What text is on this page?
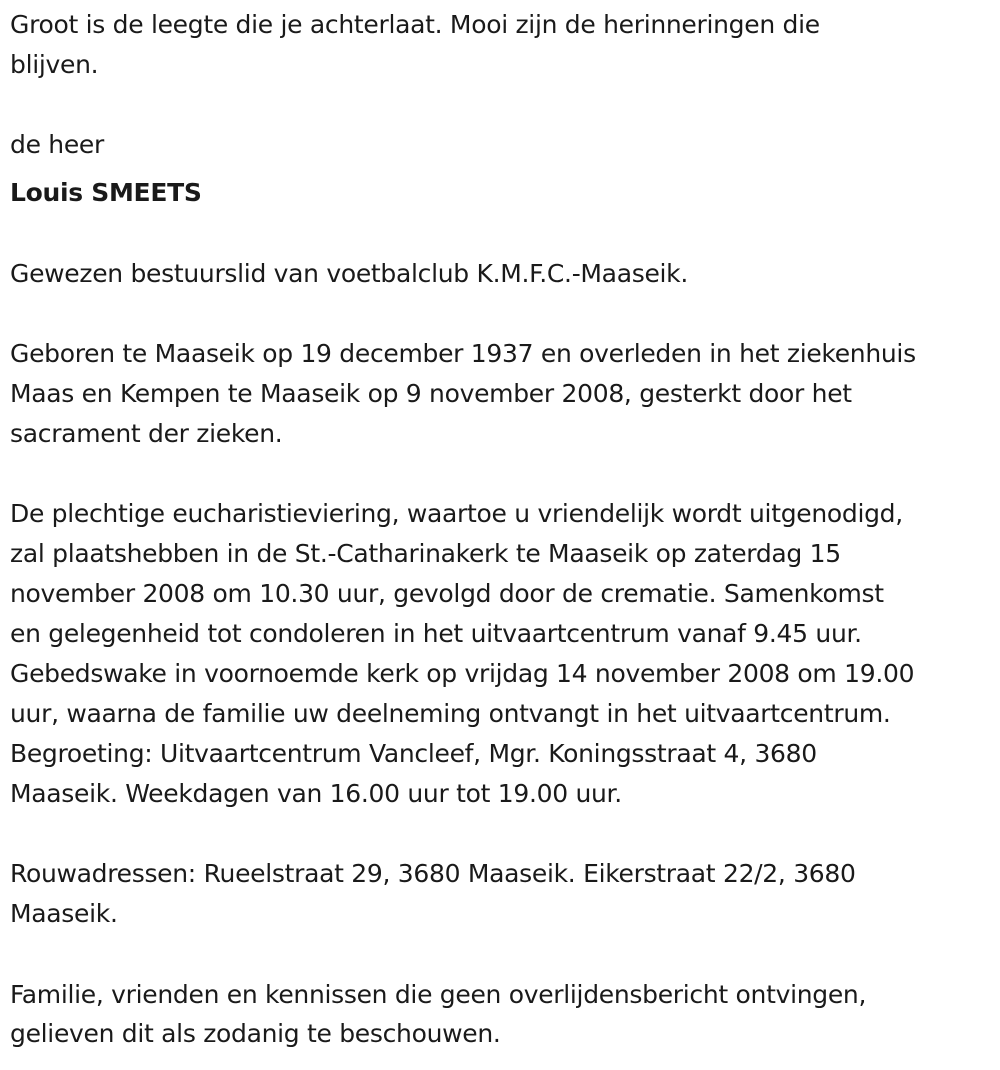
Groot is de leegte die je achterlaat. Mooi zijn de herinneringen die
blijven.
de heer
Louis SMEETS
Gewezen bestuurslid van voetbalclub K.M.F.C.-Maaseik.
Geboren te Maaseik op 19 december 1937 en overleden in het ziekenhuis
Maas en Kempen te Maaseik op 9 november 2008, gesterkt door het
sacrament der zieken.
De plechtige eucharistieviering, waartoe u vriendelijk wordt uitgenodigd,
zal plaatshebben in de St.-Catharinakerk te Maaseik op zaterdag 15
november 2008 om 10.30 uur, gevolgd door de crematie. Samenkomst
en gelegenheid tot condoleren in het uitvaartcentrum vanaf 9.45 uur.
Gebedswake in voornoemde kerk op vrijdag 14 november 2008 om 19.00
uur, waarna de familie uw deelneming ontvangt in het uitvaartcentrum.
Begroeting: Uitvaartcentrum Vancleef, Mgr. Koningsstraat 4, 3680
Maaseik. Weekdagen van 16.00 uur tot 19.00 uur.
Rouwadressen: Rueelstraat 29, 3680 Maaseik. Eikerstraat 22/2, 3680
Maaseik.
Familie, vrienden en kennissen die geen overlijdensbericht ontvingen,
gelieven dit als zodanig te beschouwen.
